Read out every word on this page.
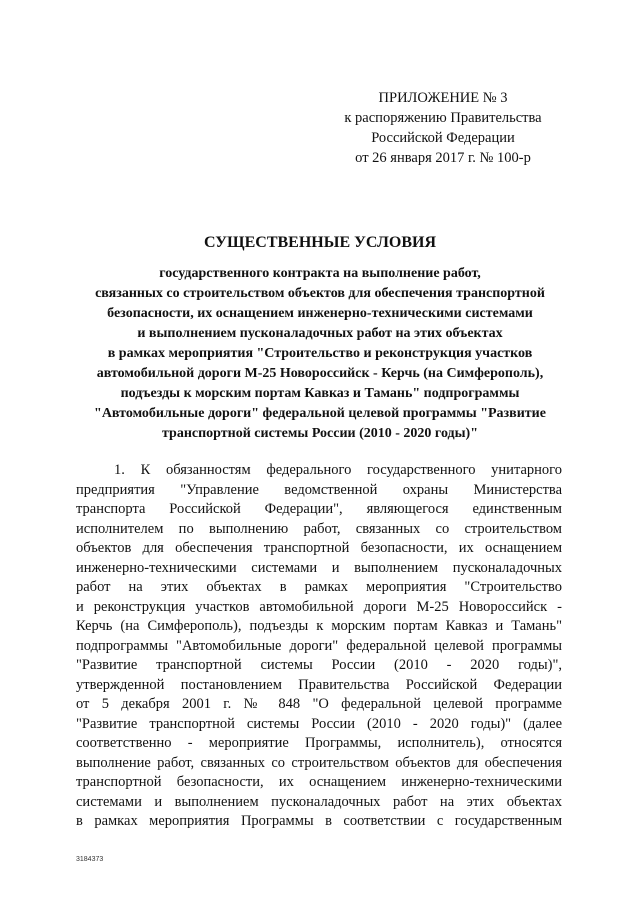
ПРИЛОЖЕНИЕ № 3
к распоряжению Правительства
Российской Федерации
от 26 января 2017 г. № 100-р
СУЩЕСТВЕННЫЕ УСЛОВИЯ
государственного контракта на выполнение работ,
связанных со строительством объектов для обеспечения транспортной
безопасности, их оснащением инженерно-техническими системами
и выполнением пусконаладочных работ на этих объектах
в рамках мероприятия "Строительство и реконструкция участков
автомобильной дороги М-25 Новороссийск - Керчь (на Симферополь),
подъезды к морским портам Кавказ и Тамань" подпрограммы
"Автомобильные дороги" федеральной целевой программы "Развитие
транспортной системы России (2010 - 2020 годы)"
1. К обязанностям федерального государственного унитарного
предприятия "Управление ведомственной охраны Министерства
транспорта Российской Федерации", являющегося единственным
исполнителем по выполнению работ, связанных со строительством
объектов для обеспечения транспортной безопасности, их оснащением
инженерно-техническими системами и выполнением пусконаладочных
работ на этих объектах в рамках мероприятия "Строительство
и реконструкция участков автомобильной дороги М-25 Новороссийск -
Керчь (на Симферополь), подъезды к морским портам Кавказ и Тамань"
подпрограммы "Автомобильные дороги" федеральной целевой программы
"Развитие транспортной системы России (2010 - 2020 годы)",
утвержденной постановлением Правительства Российской Федерации
от 5 декабря 2001 г. № 848 "О федеральной целевой программе
"Развитие транспортной системы России (2010 - 2020 годы)" (далее
соответственно - мероприятие Программы, исполнитель), относятся
выполнение работ, связанных со строительством объектов для обеспечения
транспортной безопасности, их оснащением инженерно-техническими
системами и выполнением пусконаладочных работ на этих объектах
в рамках мероприятия Программы в соответствии с государственным
3184373
